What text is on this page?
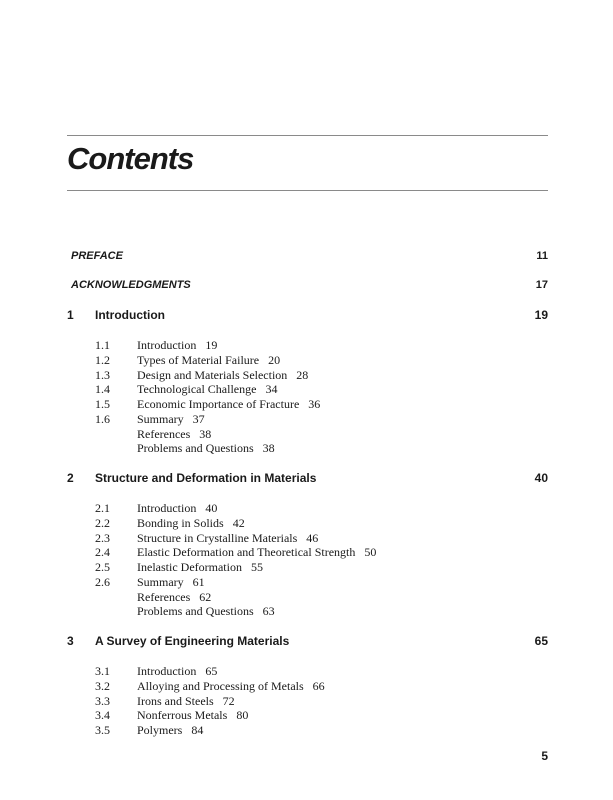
Contents
PREFACE	11
ACKNOWLEDGMENTS	17
1 Introduction	19
1.1 Introduction 19
1.2 Types of Material Failure 20
1.3 Design and Materials Selection 28
1.4 Technological Challenge 34
1.5 Economic Importance of Fracture 36
1.6 Summary 37
References 38
Problems and Questions 38
2 Structure and Deformation in Materials	40
2.1 Introduction 40
2.2 Bonding in Solids 42
2.3 Structure in Crystalline Materials 46
2.4 Elastic Deformation and Theoretical Strength 50
2.5 Inelastic Deformation 55
2.6 Summary 61
References 62
Problems and Questions 63
3 A Survey of Engineering Materials	65
3.1 Introduction 65
3.2 Alloying and Processing of Metals 66
3.3 Irons and Steels 72
3.4 Nonferrous Metals 80
3.5 Polymers 84
5
